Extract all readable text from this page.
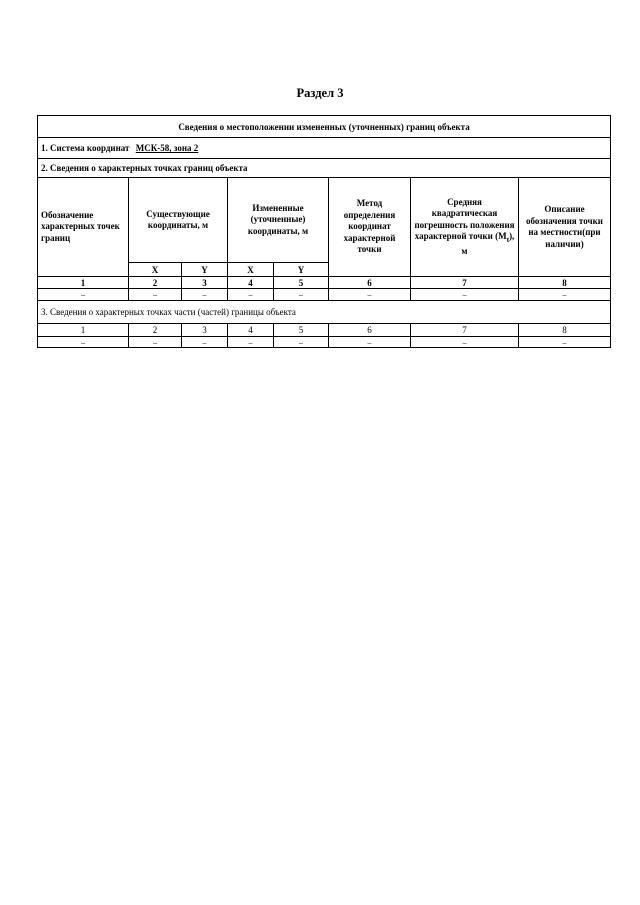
Раздел 3
Сведения о местоположении измененных (уточненных) границ объекта							
1. Система координат МСК-58, зона 2							
2. Сведения о характерных точках границ объекта							
Обозначение характерных точек границ	Существующие координаты, м		Измененные (уточненные) координаты, м		Метод определения координат характерной точки	Средняя квадратическая погрешность положения характерной точки $(M_t)$, м	Описание обозначения точки на местности(при наличии)
	X	Y	X	Y			
1	2	3	4	5	6	7	8
–	–	–	–	–	–	–	–
3. Сведения о характерных точках части (частей) границы объекта							
1	2	3	4	5	6	7	8
–	–	–	–	–	–	–	–
